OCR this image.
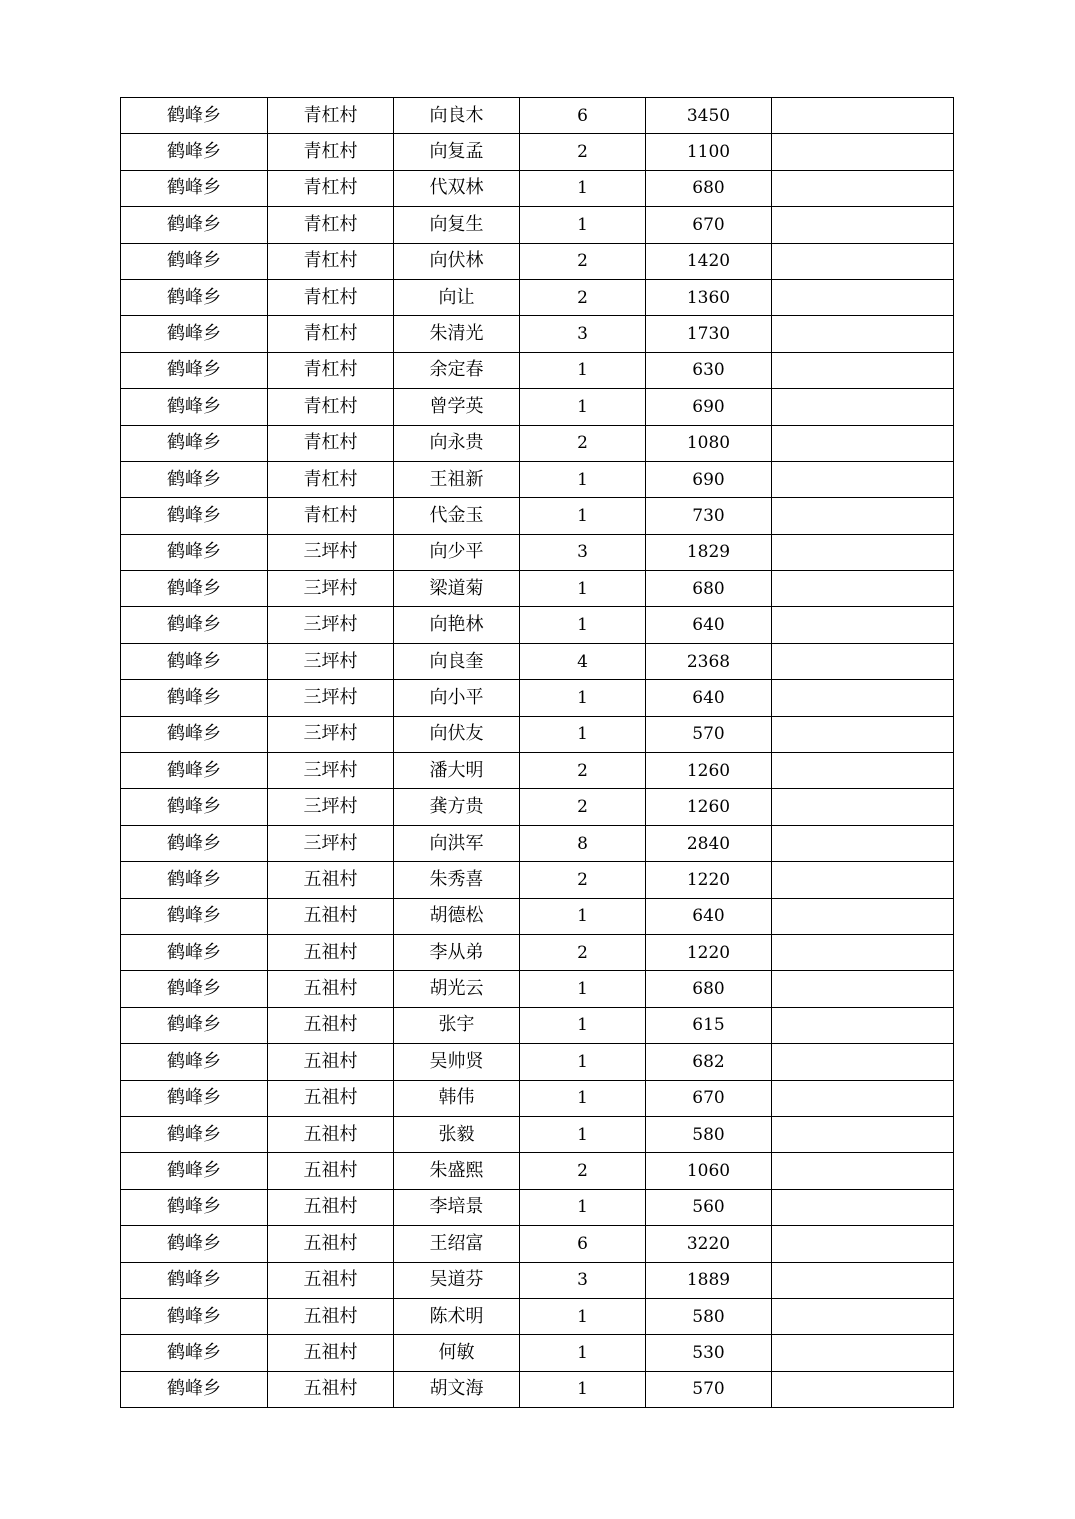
鹤峰乡	青杠村	向良木	6	3450	
鹤峰乡	青杠村	向复孟	2	1100	
鹤峰乡	青杠村	代双林	1	680	
鹤峰乡	青杠村	向复生	1	670	
鹤峰乡	青杠村	向伏林	2	1420	
鹤峰乡	青杠村	向让	2	1360	
鹤峰乡	青杠村	朱清光	3	1730	
鹤峰乡	青杠村	余定春	1	630	
鹤峰乡	青杠村	曾学英	1	690	
鹤峰乡	青杠村	向永贵	2	1080	
鹤峰乡	青杠村	王祖新	1	690	
鹤峰乡	青杠村	代金玉	1	730	
鹤峰乡	三坪村	向少平	3	1829	
鹤峰乡	三坪村	梁道菊	1	680	
鹤峰乡	三坪村	向艳林	1	640	
鹤峰乡	三坪村	向良奎	4	2368	
鹤峰乡	三坪村	向小平	1	640	
鹤峰乡	三坪村	向伏友	1	570	
鹤峰乡	三坪村	潘大明	2	1260	
鹤峰乡	三坪村	龚方贵	2	1260	
鹤峰乡	三坪村	向洪军	8	2840	
鹤峰乡	五祖村	朱秀喜	2	1220	
鹤峰乡	五祖村	胡德松	1	640	
鹤峰乡	五祖村	李从弟	2	1220	
鹤峰乡	五祖村	胡光云	1	680	
鹤峰乡	五祖村	张宇	1	615	
鹤峰乡	五祖村	吴帅贤	1	682	
鹤峰乡	五祖村	韩伟	1	670	
鹤峰乡	五祖村	张毅	1	580	
鹤峰乡	五祖村	朱盛熙	2	1060	
鹤峰乡	五祖村	李培景	1	560	
鹤峰乡	五祖村	王绍富	6	3220	
鹤峰乡	五祖村	吴道芬	3	1889	
鹤峰乡	五祖村	陈术明	1	580	
鹤峰乡	五祖村	何敏	1	530	
鹤峰乡	五祖村	胡文海	1	570	
